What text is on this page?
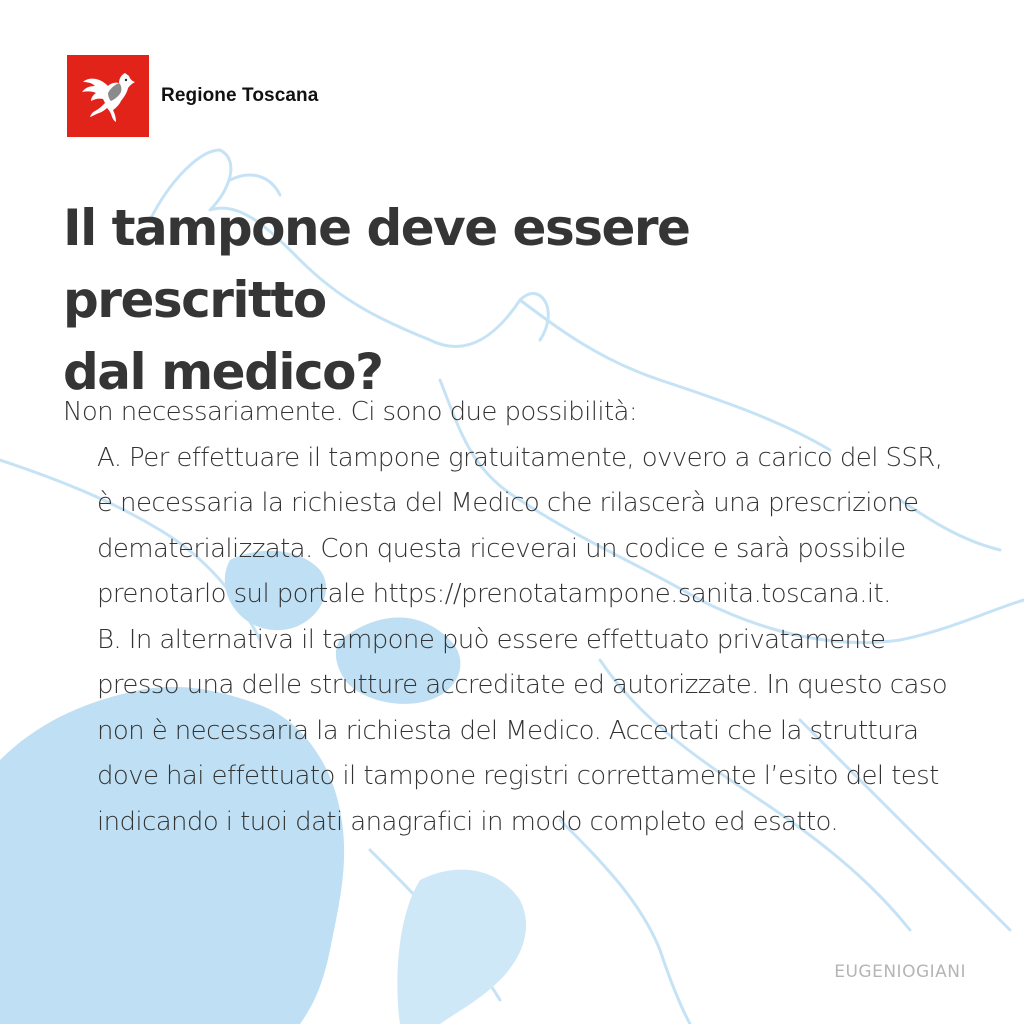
Regione Toscana
Il tampone deve essere prescritto
dal medico?

Non necessariamente. Ci sono due possibilità:

A. Per effettuare il tampone gratuitamente, ovvero a carico del SSR, è necessaria la richiesta del Medico che rilascerà una prescrizione dematerializzata. Con questa riceverai un codice e sarà possibile prenotarlo sul portale https://prenotatampone.sanita.toscana.it.

B. In alternativa il tampone può essere effettuato privatamente presso una delle strutture accreditate ed autorizzate. In questo caso non è necessaria la richiesta del Medico. Accertati che la struttura dove hai effettuato il tampone registri correttamente l’esito del test indicando i tuoi dati anagrafici in modo completo ed esatto.

EUGENIOGIANI
